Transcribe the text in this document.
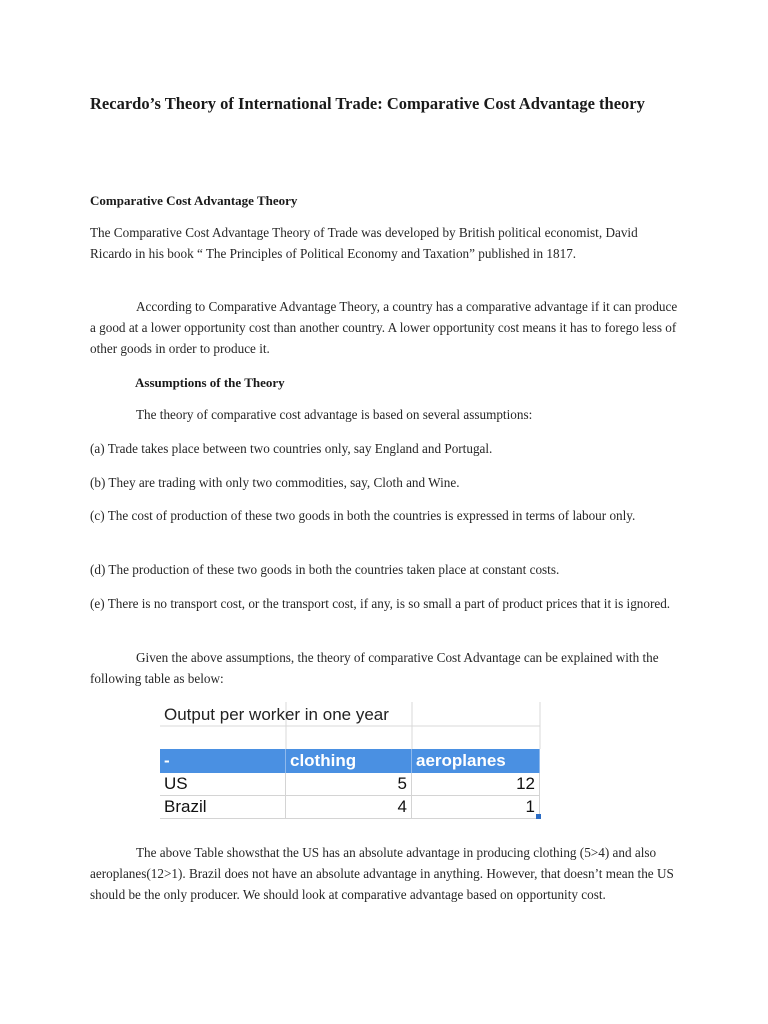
Recardo’s Theory of International Trade: Comparative Cost Advantage theory
Comparative Cost Advantage Theory
The Comparative Cost Advantage Theory of Trade was developed by British political economist, David Ricardo in his book “ The Principles of Political Economy and Taxation” published in 1817.
According to Comparative Advantage Theory, a country has a comparative advantage if it can produce a good at a lower opportunity cost than another country. A lower opportunity cost means it has to forego less of other goods in order to produce it.
Assumptions of the Theory
The theory of comparative cost advantage is based on several assumptions:
(a) Trade takes place between two countries only, say England and Portugal.
(b) They are trading with only two commodities, say, Cloth and Wine.
(c) The cost of production of these two goods in both the countries is expressed in terms of labour only.
(d) The production of these two goods in both the countries taken place at constant costs.
(e) There is no transport cost, or the transport cost, if any, is so small a part of product prices that it is ignored.
Given the above assumptions, the theory of comparative Cost Advantage can be explained with the following table as below:
Output per worker in one year
-	clothing	aeroplanes
US	5	12
Brazil	4	1
The above Table showsthat the US has an absolute advantage in producing clothing (5>4) and also aeroplanes(12>1). Brazil does not have an absolute advantage in anything. However, that doesn’t mean the US should be the only producer. We should look at comparative advantage based on opportunity cost.
